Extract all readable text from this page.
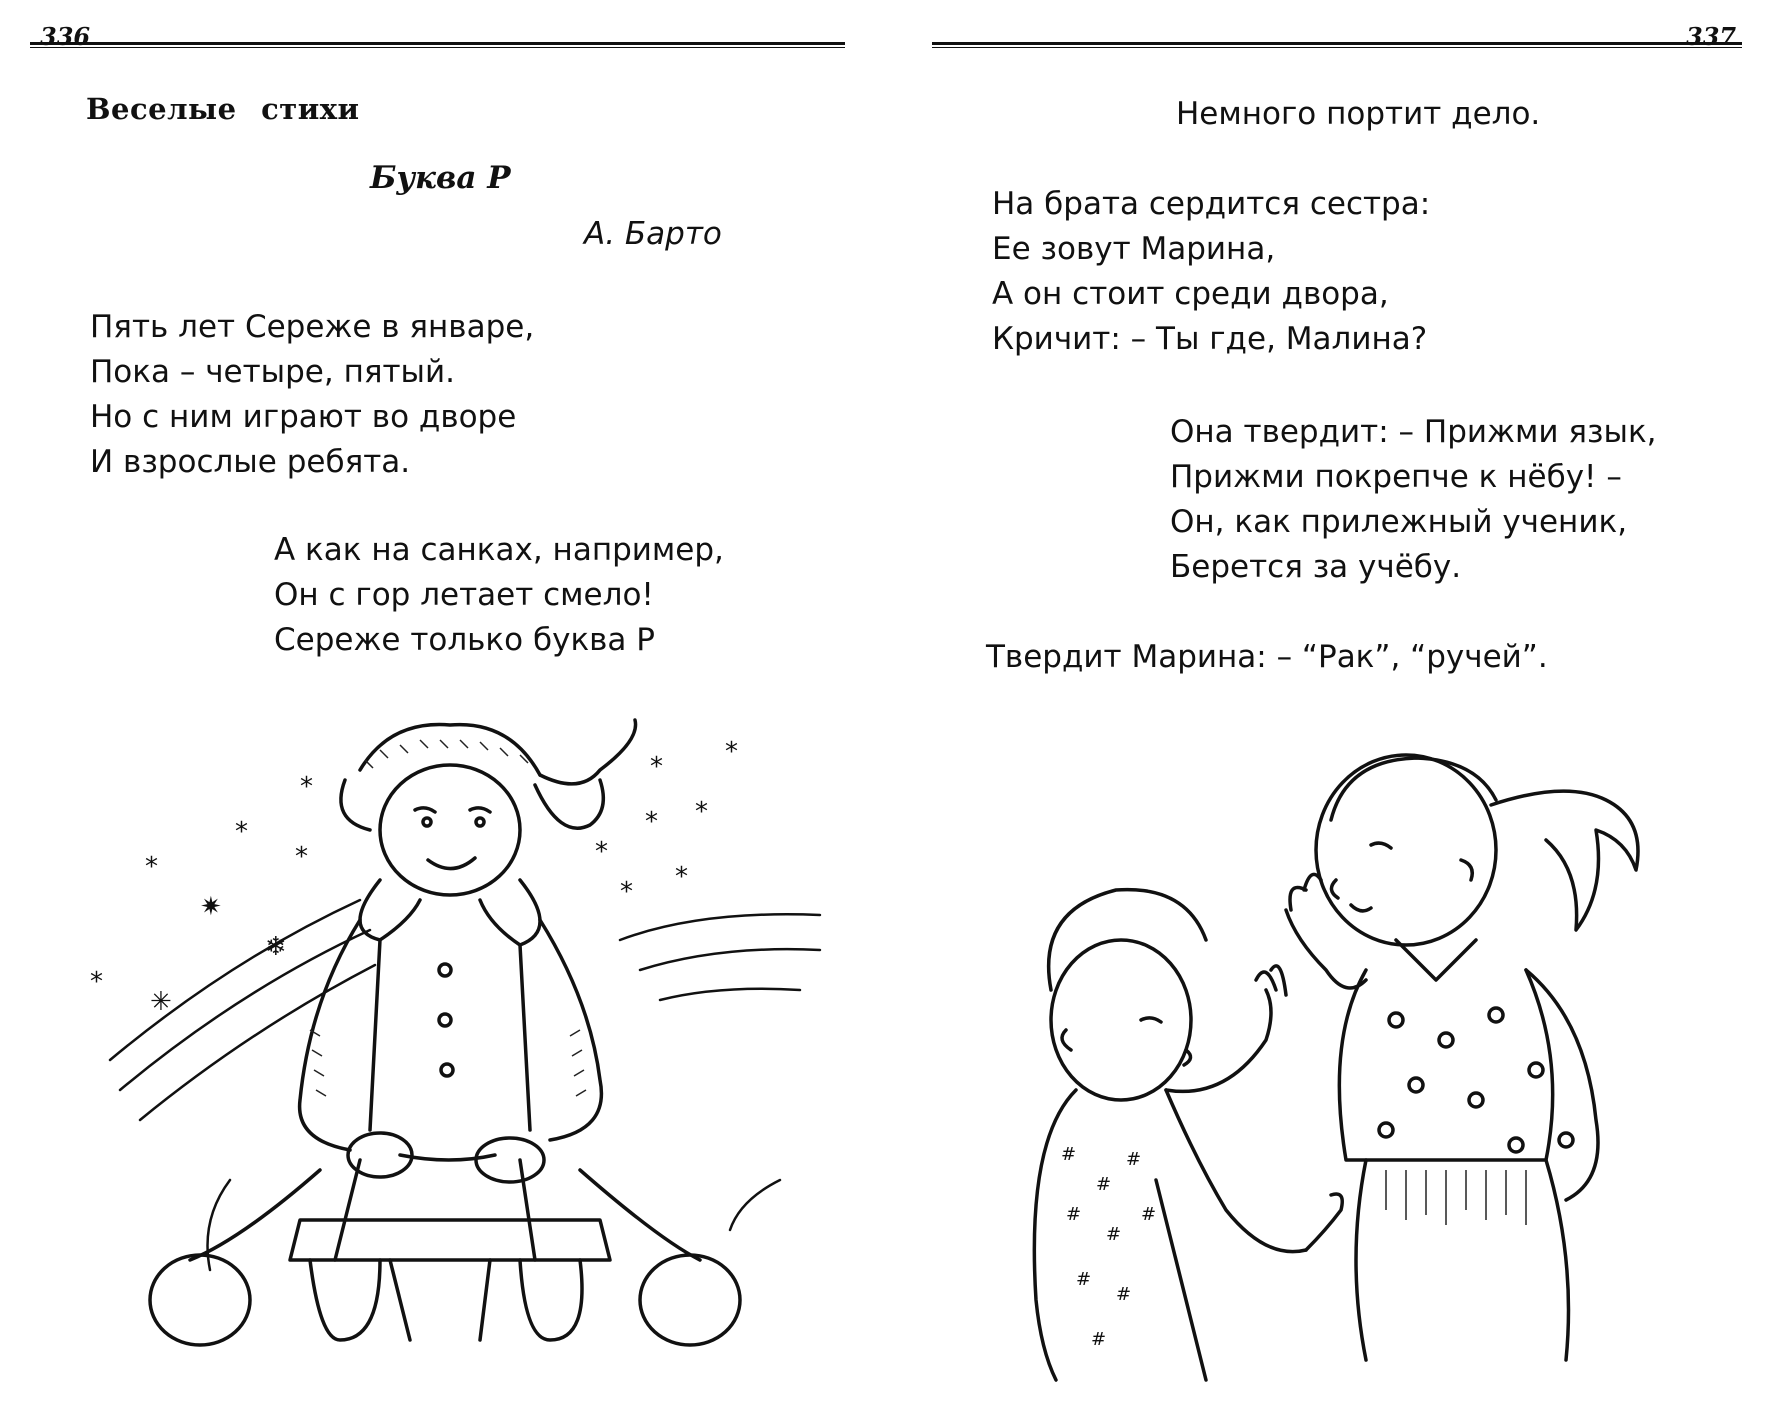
336
Веселые стихи
Буква Р
А. Барто
Пять лет Сереже в январе,
Пока – четыре, пятый.
Но с ним играют во дворе
И взрослые ребята.
А как на санках, например,
Он с гор летает смело!
Сереже только буква Р
*
*
*
*
✷
❄
*
✳
* *
*
*
*
*
*
337
Немного портит дело.
На брата сердится сестра:
Ее зовут Марина,
А он стоит среди двора,
Кричит: – Ты где, Малина?
Она твердит: – Прижми язык,
Прижми покрепче к нёбу! –
Он, как прилежный ученик,
Берется за учёбу.
Твердит Марина: – “Рак”, “ручей”.
#
#
#
#
#
#
#
#
#
